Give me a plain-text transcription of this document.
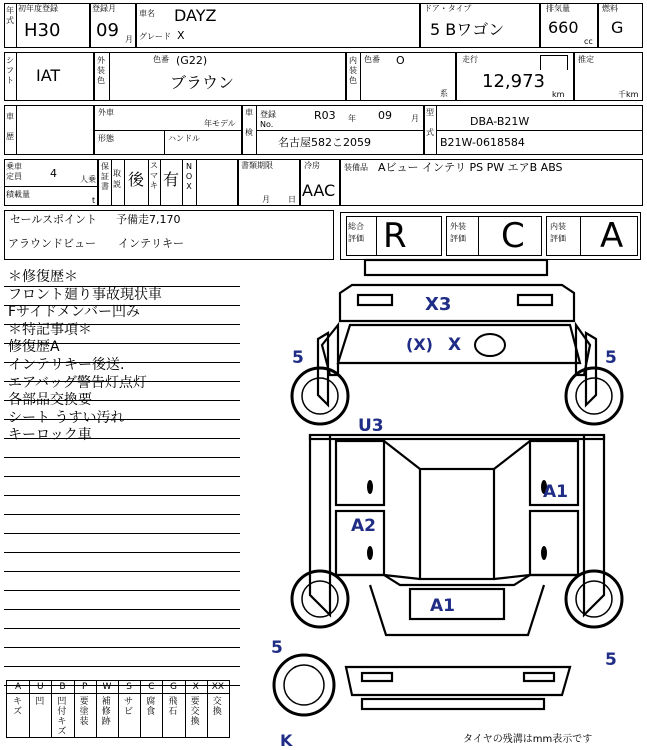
年
式
初年度登録
H30
登録月
09 月
車名 DAYZ
グレード X
ドア・タイプ
5 Bワゴン
排気量
660
cc
燃料
G
シ
フ
ト IAT
外
装
色
色番 (G22)
ブラウン
内
装
色
色番 O
系
走行
12,973
km
推定
千km
車

歴
外車
年モデル
形態	ハンドル
車

検
登録
No.
R03 年 09 月
名古屋582こ2059
型

式
DBA-B21W
B21W-0618584
乗車
定員	4	人乗
積載量
t
保
証
書
取
説 後
ス
マ
キ 有
N
O
X
書類期限
月 日
冷房
AAC
装備品 Aビュー インテリ PS PW エアB ABS
セールスポイント 予備走7,170
アラウンドビュー インテリキー
総合
評価 R	外装
評価 C	内装
評価 A
＊修復歴＊
フロント廻り事故現状車
Fサイドメンバー凹み
＊特記事項＊
修復歴A
インテリキー後送.
エアバッグ警告灯点灯
各部品交換要
シート うすい汚れ
キーロック車
A
キズ
U
凹
B
凹付キズ
P
要塗装
W
補修跡
S
サビ
C
腐食
G
飛石
X
要交換
XX
交換
X3
(X) X
5	5
U3
A1
A2
A1
5
5
K	タイヤの残溝はmm表示です
